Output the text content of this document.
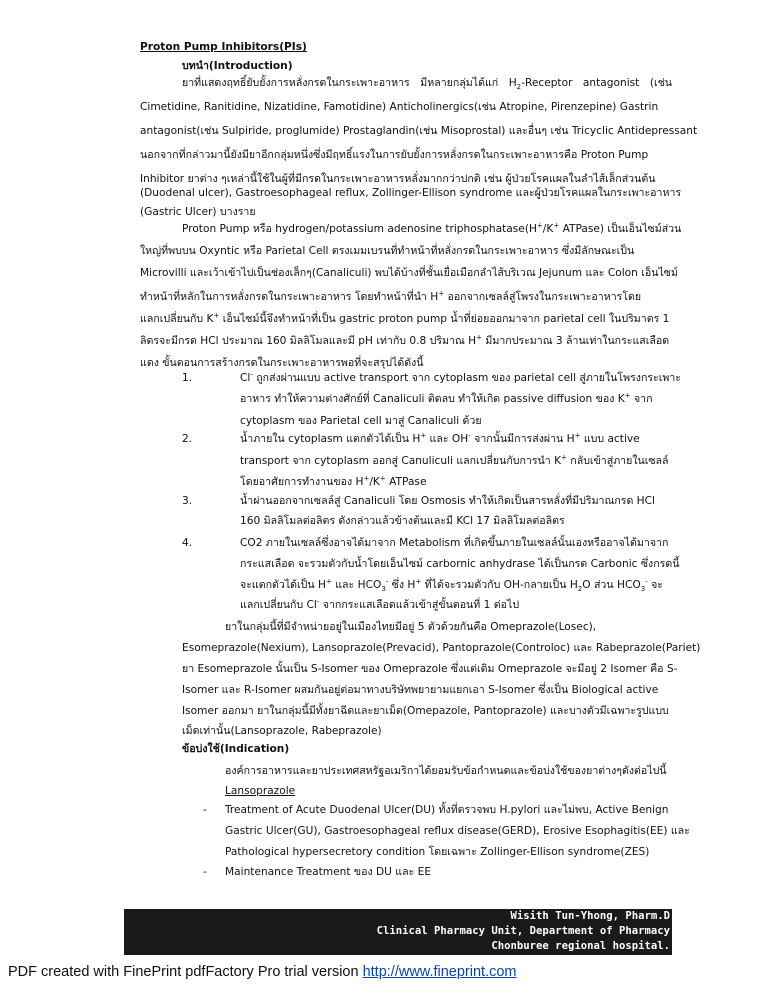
Proton Pump Inhibitors(PIs)
บทนำ(Introduction)
ยาที่แสดงฤทธิ์ยับยั้งการหลั่งกรดในกระเพาะอาหาร มีหลายกลุ่มได้แก่ $H_2$-Receptor antagonist (เช่น
Cimetidine, Ranitidine, Nizatidine, Famotidine) Anticholinergics(เช่น Atropine, Pirenzepine) Gastrin
antagonist(เช่น Sulpiride, proglumide) Prostaglandin(เช่น Misoprostal) และอื่นๆ เช่น Tricyclic Antidepressant
นอกจากที่กล่าวมานี้ยังมียาอีกกลุ่มหนึ่งซึ่งมีฤทธิ์แรงในการยับยั้งการหลั่งกรดในกระเพาะอาหารคือ Proton Pump
Inhibitor ยาต่าง ๆเหล่านี้ใช้ในผู้ที่มีกรดในกระเพาะอาหารหลั่งมากกว่าปกติ เช่น ผู้ป่วยโรคแผลในลำไส้เล็กส่วนต้น
(Duodenal ulcer), Gastroesophageal reflux, Zollinger-Ellison syndrome และผู้ป่วยโรคแผลในกระเพาะอาหาร
(Gastric Ulcer) บางราย
Proton Pump หรือ hydrogen/potassium adenosine triphosphatase(H+/K+ ATPase) เป็นเอ็นไซม์ส่วน
ใหญ่ที่พบบน Oxyntic หรือ Parietal Cell ตรงเมมเบรนที่ทำหน้าที่หลั่งกรดในกระเพาะอาหาร ซึ่งมีลักษณะเป็น
Microvilli และเว้าเข้าไปเป็นช่องเล็กๆ(Canaliculi) พบได้บ้างที่ชั้นเยื่อเมือกลำไส้บริเวณ Jejunum และ Colon เอ็นไซม์
ทำหน้าที่หลักในการหลั่งกรดในกระเพาะอาหาร โดยทำหน้าที่นำ H+ ออกจากเซลล์สู่โพรงในกระเพาะอาหารโดย
แลกเปลี่ยนกับ K+ เอ็นไซม์นี้จึงทำหน้าที่เป็น gastric proton pump น้ำที่ย่อยออกมาจาก parietal cell ในปริมาตร 1
ลิตรจะมีกรด HCl ประมาณ 160 มิลลิโมลและมี pH เท่ากับ 0.8 ปริมาณ H+ มีมากประมาณ 3 ล้านเท่าในกระแสเลือด
แดง ขั้นตอนการสร้างกรดในกระเพาะอาหารพอที่จะสรุปได้ดังนี้
1.	Cl- ถูกส่งผ่านแบบ active transport จาก cytoplasm ของ parietal cell สู่ภายในโพรงกระเพาะ
อาหาร ทำให้ความต่างศักย์ที่ Canaliculi ติดลบ ทำให้เกิด passive diffusion ของ K+ จาก
cytoplasm ของ Parietal cell มาสู่ Canaliculi ด้วย
2.	น้ำภายใน cytoplasm แตกตัวได้เป็น H+ และ OH- จากนั้นมีการส่งผ่าน H+ แบบ active
transport จาก cytoplasm ออกสู่ Canuliculi แลกเปลี่ยนกับการนำ K+ กลับเข้าสู่ภายในเซลล์
โดยอาศัยการทำงานของ H+/K+ ATPase
3.	น้ำผ่านออกจากเซลล์สู่ Canaliculi โดย Osmosis ทำให้เกิดเป็นสารหลั่งที่มีปริมาณกรด HCl
160 มิลลิโมลต่อลิตร ดังกล่าวแล้วข้างต้นและมี KCl 17 มิลลิโมลต่อลิตร
4.	CO2 ภายในเซลล์ซึ่งอาจได้มาจาก Metabolism ที่เกิดขึ้นภายในเซลล์นั้นเองหรืออาจได้มาจาก
กระแสเลือด จะรวมตัวกับน้ำโดยเอ็นไซม์ carbornic anhydrase ได้เป็นกรด Carbonic ซึ่งกรดนี้
จะแตกตัวได้เป็น H+ และ $HCO_3^-$ ซึ่ง H+ ที่ได้จะรวมตัวกับ OH-กลายเป็น $H_2O$ ส่วน $HCO_3^-$ จะ
แลกเปลี่ยนกับ Cl- จากกระแสเลือดแล้วเข้าสู่ขั้นตอนที่ 1 ต่อไป
ยาในกลุ่มนี้ที่มีจำหน่ายอยู่ในเมืองไทยมีอยู่ 5 ตัวด้วยกันคือ Omeprazole(Losec),
Esomeprazole(Nexium), Lansoprazole(Prevacid), Pantoprazole(Controloc) และ Rabeprazole(Pariet)
ยา Esomeprazole นั้นเป็น S-Isomer ของ Omeprazole ซึ่งแต่เดิม Omeprazole จะมีอยู่ 2 Isomer คือ S-
Isomer และ R-Isomer ผสมกันอยู่ต่อมาทางบริษัทพยายามแยกเอา S-Isomer ซึ่งเป็น Biological active
Isomer ออกมา ยาในกลุ่มนี้มีทั้งยาฉีดและยาเม็ด(Omepazole, Pantoprazole) และบางตัวมีเฉพาะรูปแบบ
เม็ดเท่านั้น(Lansoprazole, Rabeprazole)
ข้อบ่งใช้(Indication)
องค์การอาหารและยาประเทศสหรัฐอเมริกาได้ยอมรับข้อกำหนดและข้อบ่งใช้ของยาต่างๆดังต่อไปนี้
Lansoprazole
- Treatment of Acute Duodenal Ulcer(DU) ทั้งที่ตรวจพบ H.pylori และไม่พบ, Active Benign
Gastric Ulcer(GU), Gastroesophageal reflux disease(GERD), Erosive Esophagitis(EE) และ
Pathological hypersecretory condition โดยเฉพาะ Zollinger-Ellison syndrome(ZES)
- Maintenance Treatment ของ DU และ EE
Wisith Tun-Yhong, Pharm.D
Clinical Pharmacy Unit, Department of Pharmacy
Chonburee regional hospital.
PDF created with FinePrint pdfFactory Pro trial version http://www.fineprint.com
